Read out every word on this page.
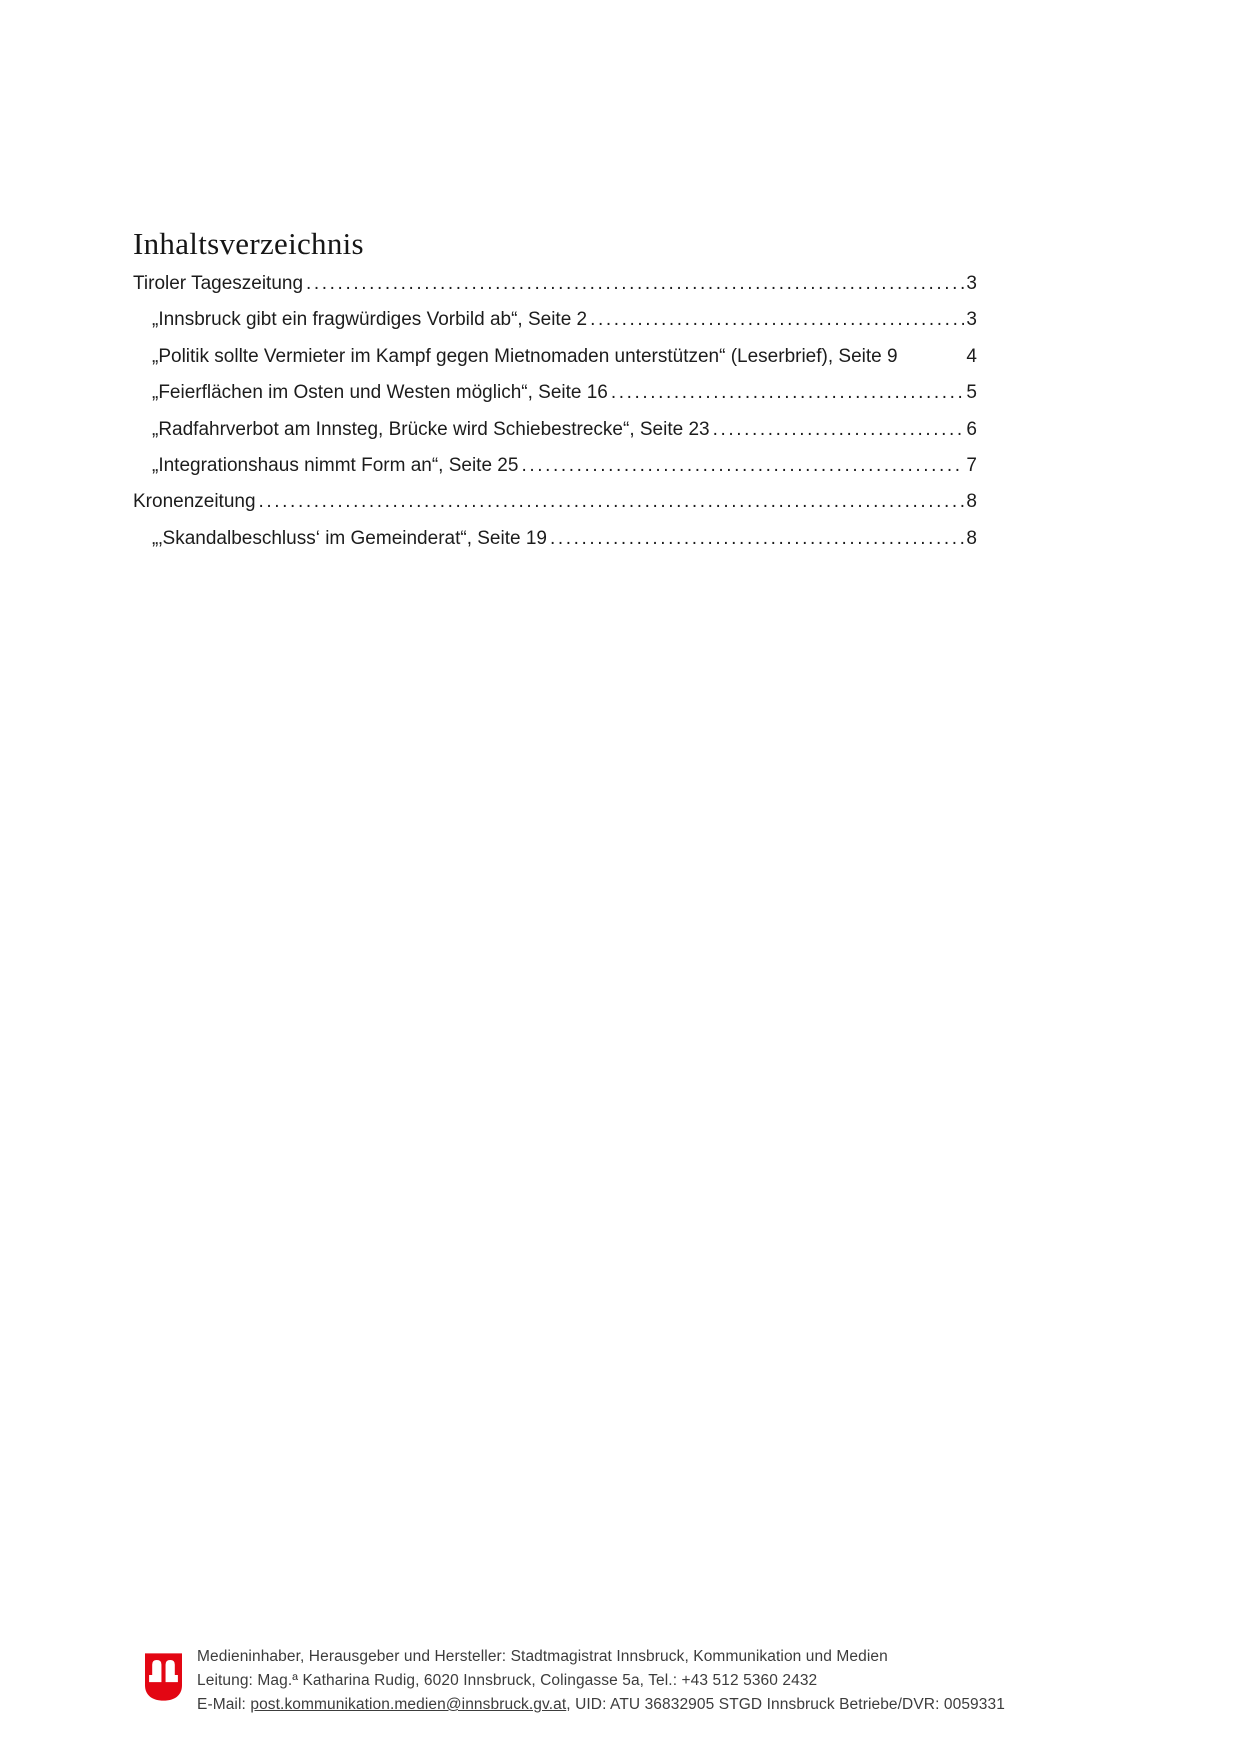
Inhaltsverzeichnis
Tiroler Tageszeitung .....	3
„Innsbruck gibt ein fragwürdiges Vorbild ab“, Seite 2 .....	3
„Politik sollte Vermieter im Kampf gegen Mietnomaden unterstützen“ (Leserbrief), Seite 9	4
„Feierflächen im Osten und Westen möglich“, Seite 16 .....	5
„Radfahrverbot am Innsteg, Brücke wird Schiebestrecke“, Seite 23 .....	6
„Integrationshaus nimmt Form an“, Seite 25 .....	7
Kronenzeitung .....	8
„‚Skandalbeschluss‘ im Gemeinderat“, Seite 19 .....	8
Medieninhaber, Herausgeber und Hersteller: Stadtmagistrat Innsbruck, Kommunikation und Medien
Leitung: Mag.ª Katharina Rudig, 6020 Innsbruck, Colingasse 5a, Tel.: +43 512 5360 2432
E-Mail: post.kommunikation.medien@innsbruck.gv.at, UID: ATU 36832905 STGD Innsbruck Betriebe/DVR: 0059331
